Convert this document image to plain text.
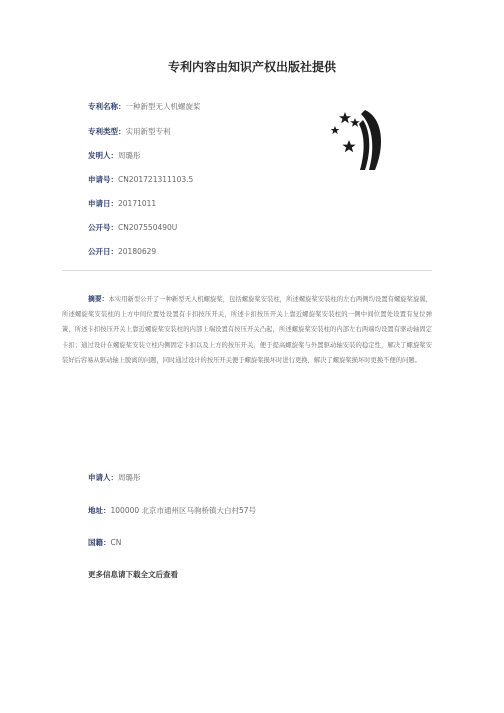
专利内容由知识产权出版社提供
专利名称：一种新型无人机螺旋桨
专利类型：实用新型专利
发明人：周璐彤
申请号：CN201721311103.5
申请日：20171011
公开号：CN207550490U
公开日：20180629

摘要：本实用新型公开了一种新型无人机螺旋桨，包括螺旋桨安装柱，所述螺旋桨安装柱的左右两侧均设置有螺旋桨旋翼，所述螺旋桨安装柱的上方中间位置处设置有卡扣按压开关，所述卡扣按压开关上靠近螺旋桨安装柱的一侧中间位置处设置有复位弹簧，所述卡扣按压开关上靠近螺旋桨安装柱的内部上端设置有按压开关凸起，所述螺旋桨安装柱的内部左右两端均设置有驱动轴固定卡扣；通过设计在螺旋桨安装立柱内侧固定卡扣以及上方的按压开关，便于提高螺旋桨与外置驱动轴安装的稳定性，解决了螺旋桨安装好后容易从驱动轴上脱离的问题，同时通过设计的按压开关便于螺旋桨损坏时进行更换，解决了螺旋桨损坏时更换不便的问题。

申请人：周璐彤
地址：100000 北京市通州区马驹桥镇大白村57号
国籍：CN
更多信息请下载全文后查看
